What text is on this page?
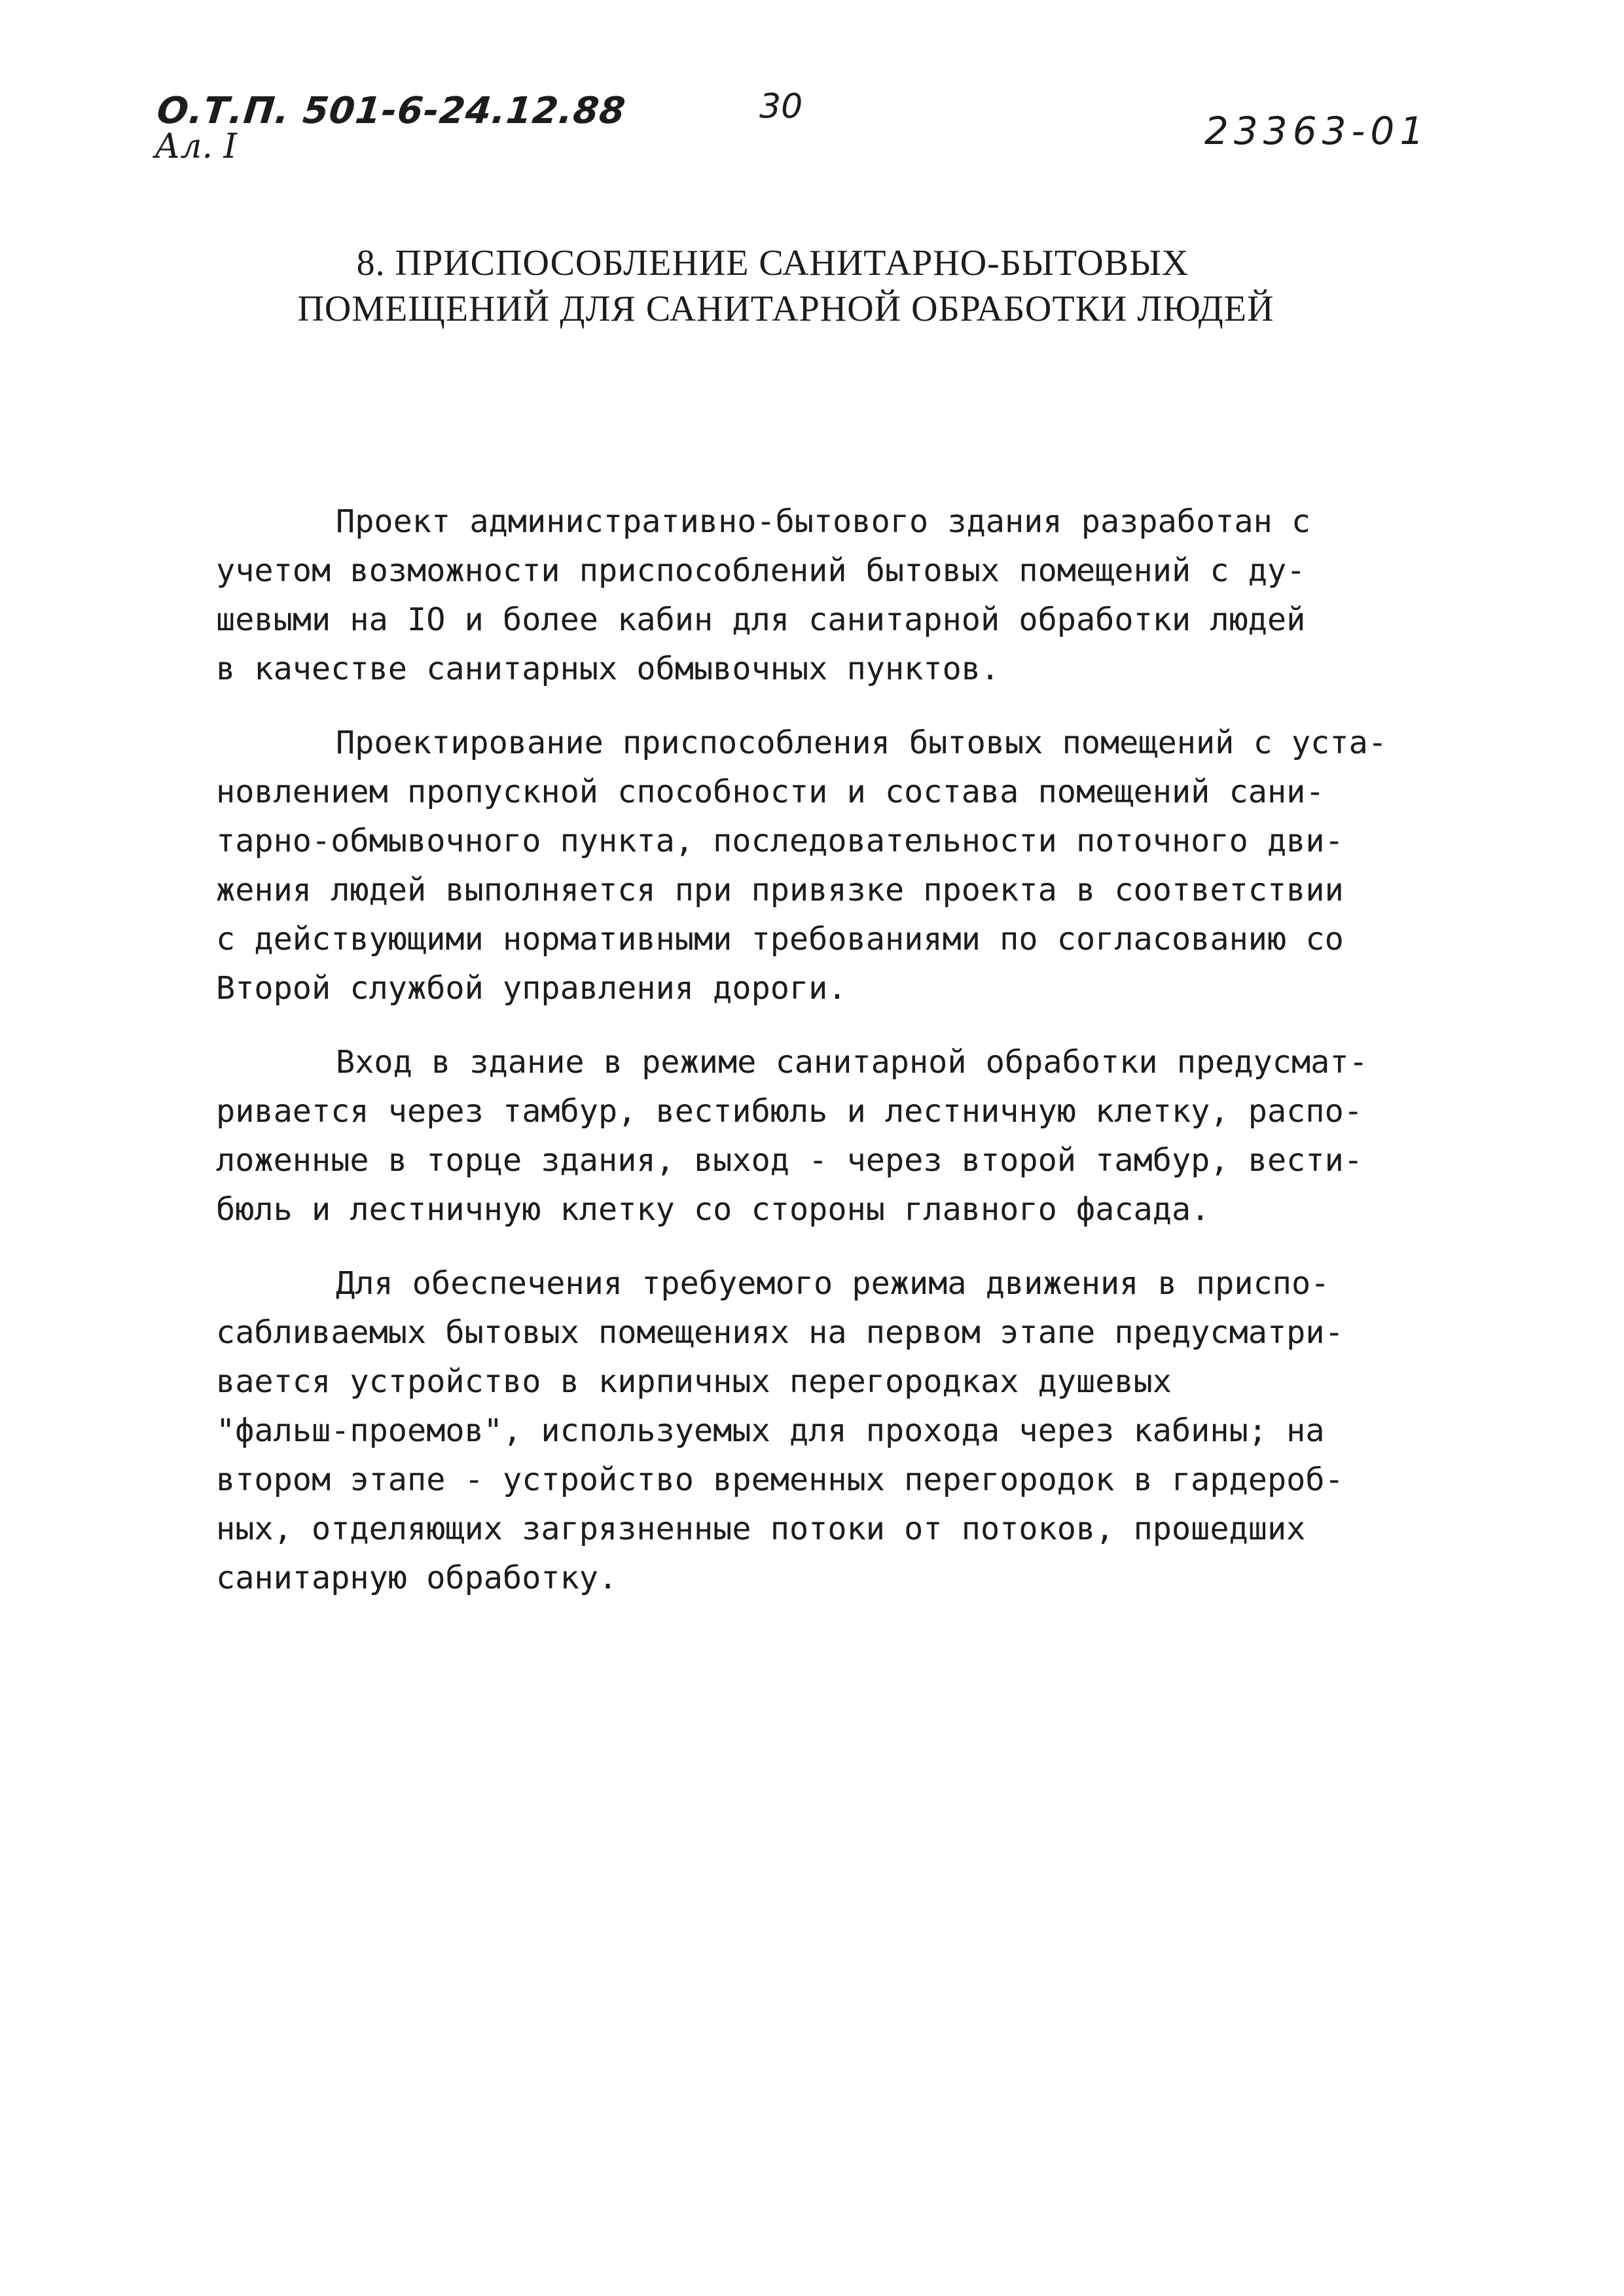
О.Т.П. 501-6-24.12.88
Ал. I
30
23363-01
8. ПРИСПОСОБЛЕНИЕ САНИТАРНО-БЫТОВЫХ
ПОМЕЩЕНИЙ ДЛЯ САНИТАРНОЙ ОБРАБОТКИ ЛЮДЕЙ
Проект административно-бытового здания разработан с
учетом возможности приспособлений бытовых помещений с ду-
шевыми на IO и более кабин для санитарной обработки людей
в качестве санитарных обмывочных пунктов.
Проектирование приспособления бытовых помещений с уста-
новлением пропускной способности и состава помещений сани-
тарно-обмывочного пункта, последовательности поточного дви-
жения людей выполняется при привязке проекта в соответствии
с действующими нормативными требованиями по согласованию со
Второй службой управления дороги.
Вход в здание в режиме санитарной обработки предусмат-
ривается через тамбур, вестибюль и лестничную клетку, распо-
ложенные в торце здания, выход - через второй тамбур, вести-
бюль и лестничную клетку со стороны главного фасада.
Для обеспечения требуемого режима движения в приспо-
сабливаемых бытовых помещениях на первом этапе предусматри-
вается устройство в кирпичных перегородках душевых
"фальш-проемов", используемых для прохода через кабины; на
втором этапе - устройство временных перегородок в гардероб-
ных, отделяющих загрязненные потоки от потоков, прошедших
санитарную обработку.
